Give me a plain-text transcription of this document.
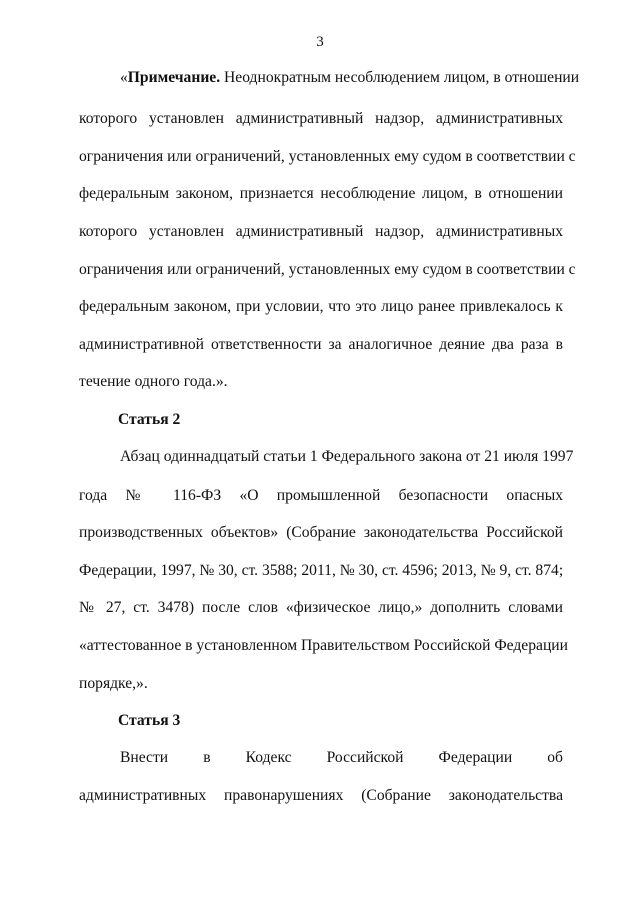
3
«Примечание. Неоднократным несоблюдением лицом, в отношении
которого установлен административный надзор, административных
ограничения или ограничений, установленных ему судом в соответствии с
федеральным законом, признается несоблюдение лицом, в отношении
которого установлен административный надзор, административных
ограничения или ограничений, установленных ему судом в соответствии с
федеральным законом, при условии, что это лицо ранее привлекалось к
административной ответственности за аналогичное деяние два раза в
течение одного года.».
Статья 2
Абзац одиннадцатый статьи 1 Федерального закона от 21 июля 1997
года № 116-ФЗ «О промышленной безопасности опасных
производственных объектов» (Собрание законодательства Российской
Федерации, 1997, № 30, ст. 3588; 2011, № 30, ст. 4596; 2013, № 9, ст. 874;
№ 27, ст. 3478) после слов «физическое лицо,» дополнить словами
«аттестованное в установленном Правительством Российской Федерации
порядке,».
Статья 3
Внести в Кодекс Российской Федерации об
административных правонарушениях (Собрание законодательства
